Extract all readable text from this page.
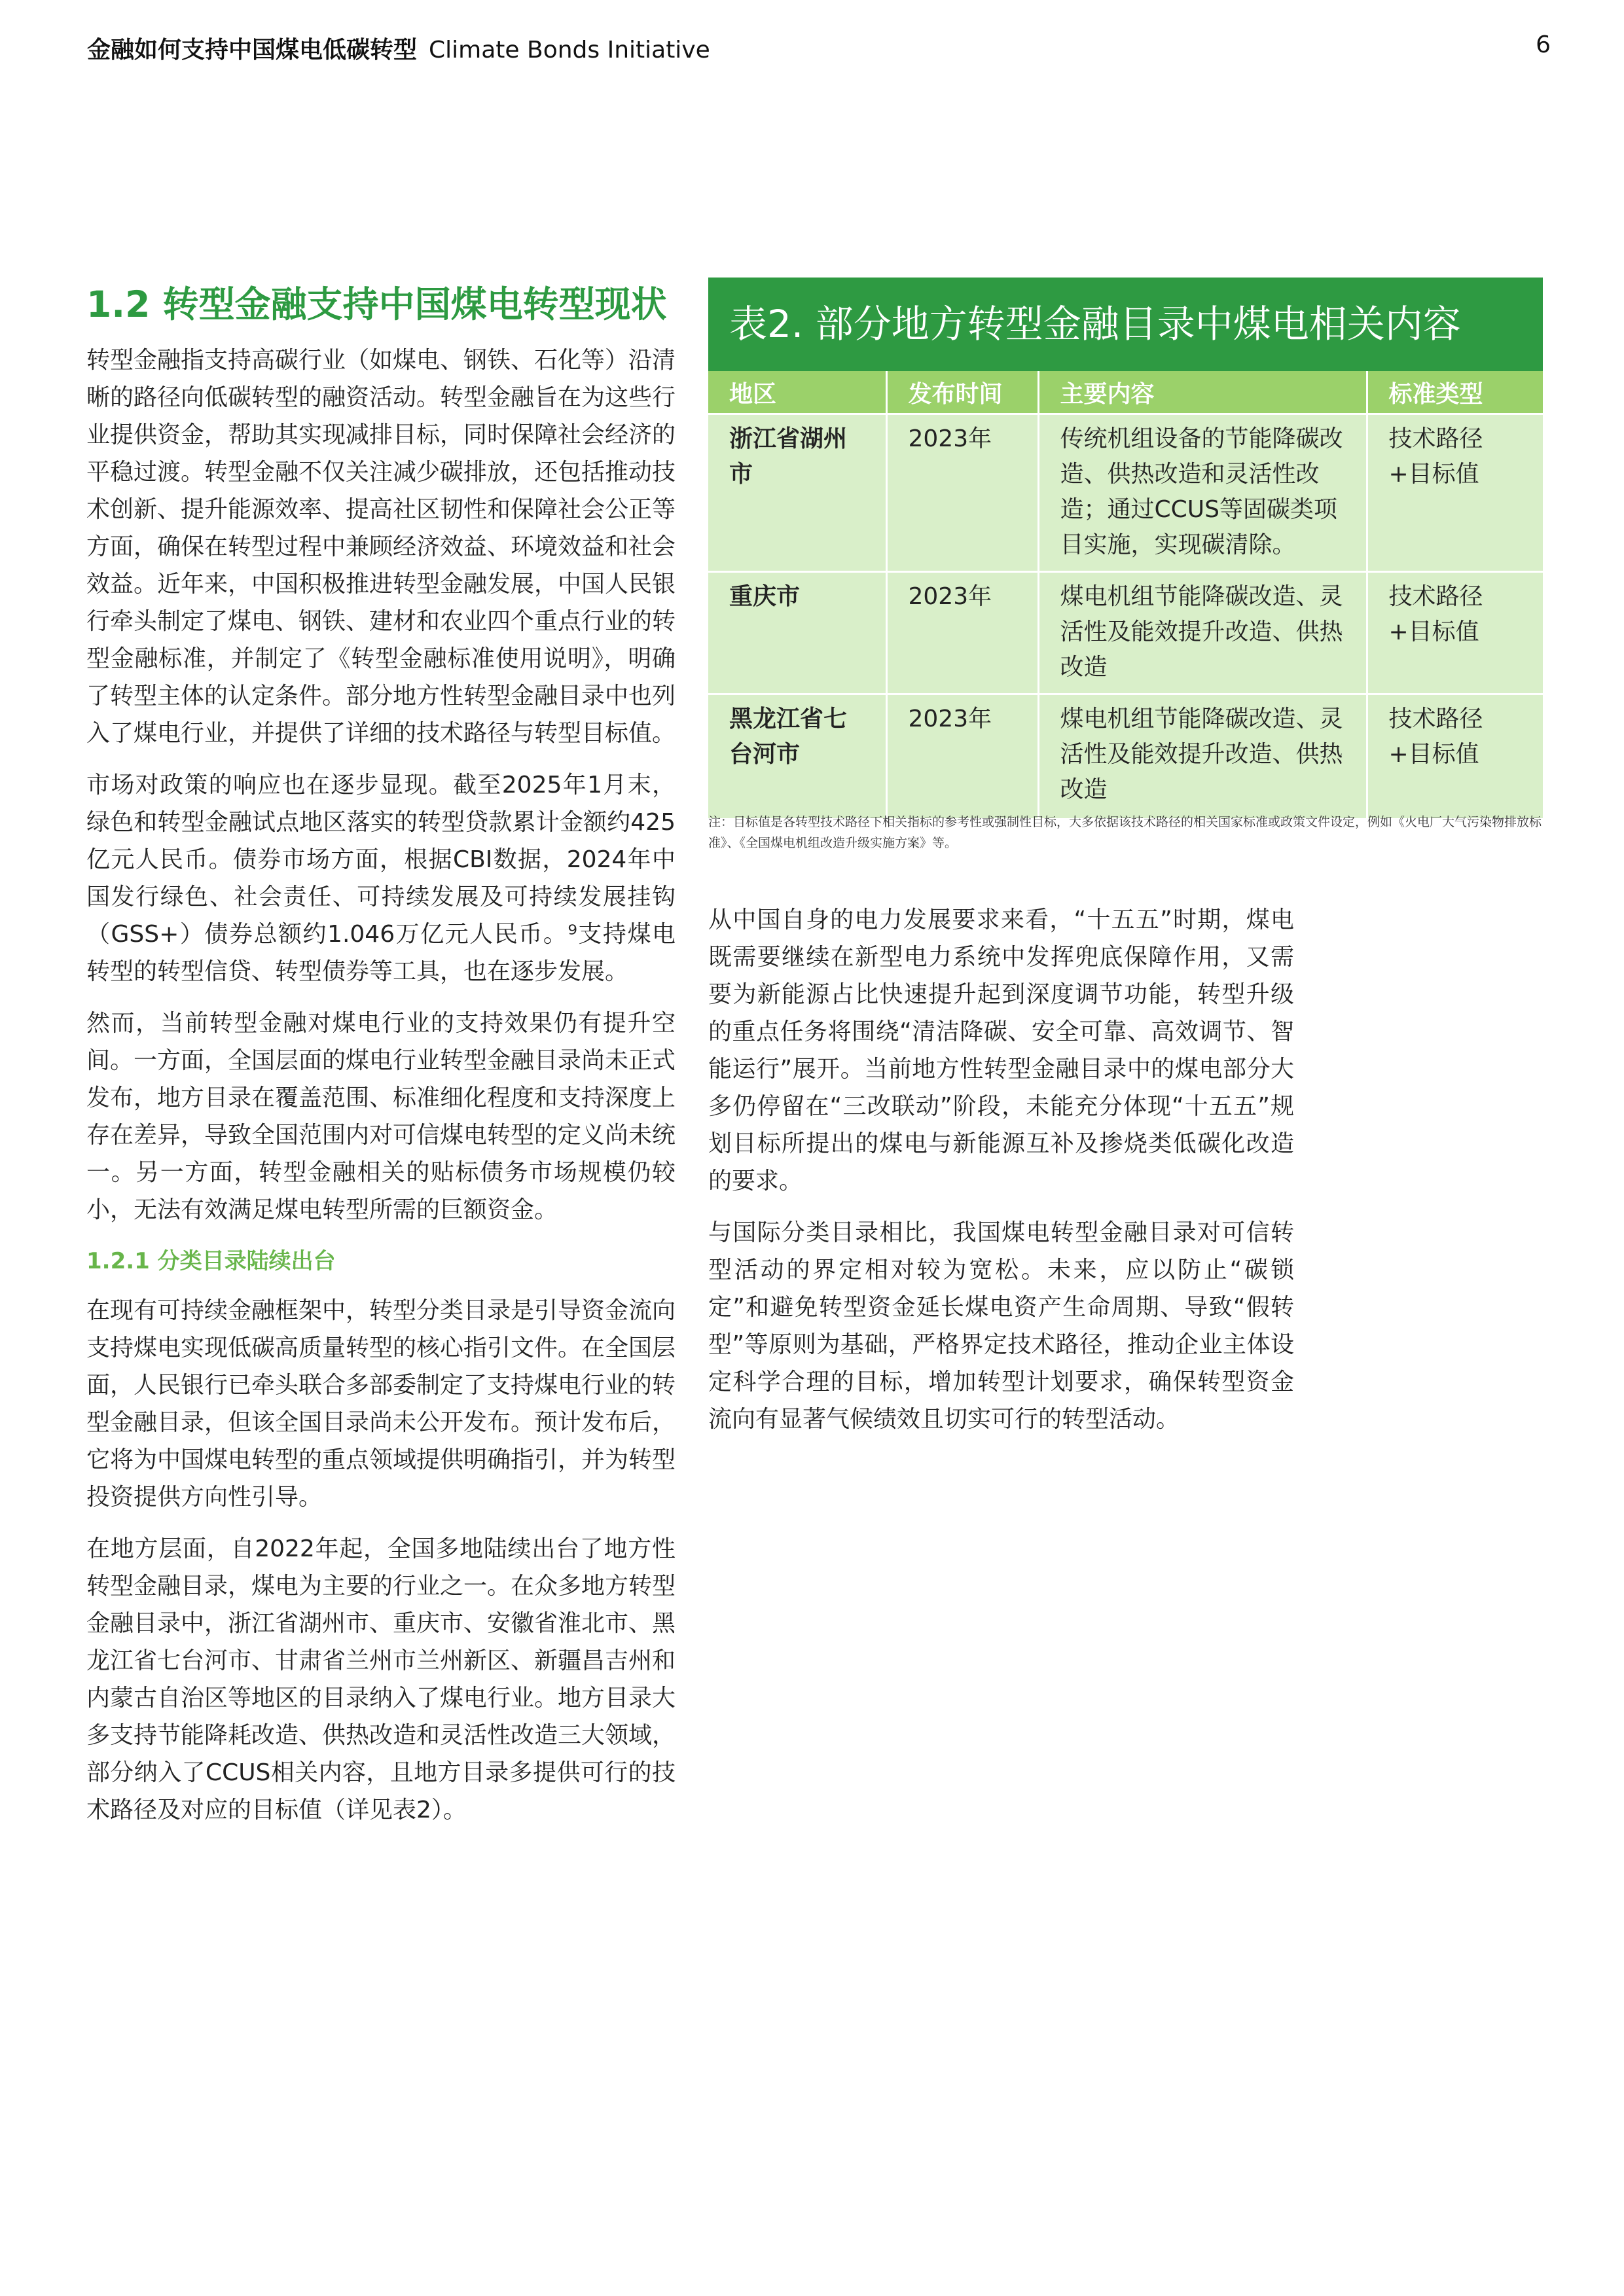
金融如何支持中国煤电低碳转型 Climate Bonds Initiative	6
1.2 转型金融支持中国煤电转型现状

转型金融指支持高碳行业（如煤电、钢铁、石化等）沿清晰的路径向低碳转型的融资活动。转型金融旨在为这些行业提供资金，帮助其实现减排目标，同时保障社会经济的平稳过渡。转型金融不仅关注减少碳排放，还包括推动技术创新、提升能源效率、提高社区韧性和保障社会公正等方面，确保在转型过程中兼顾经济效益、环境效益和社会效益。近年来，中国积极推进转型金融发展，中国人民银行牵头制定了煤电、钢铁、建材和农业四个重点行业的转型金融标准，并制定了《转型金融标准使用说明》，明确了转型主体的认定条件。部分地方性转型金融目录中也列入了煤电行业，并提供了详细的技术路径与转型目标值。

市场对政策的响应也在逐步显现。截至2025年1月末，绿色和转型金融试点地区落实的转型贷款累计金额约425亿元人民币。债券市场方面，根据CBI数据，2024年中国发行绿色、社会责任、可持续发展及可持续发展挂钩（GSS+）债券总额约1.046万亿元人民币。⁹支持煤电转型的转型信贷、转型债券等工具，也在逐步发展。

然而，当前转型金融对煤电行业的支持效果仍有提升空间。一方面，全国层面的煤电行业转型金融目录尚未正式发布，地方目录在覆盖范围、标准细化程度和支持深度上存在差异，导致全国范围内对可信煤电转型的定义尚未统一。另一方面，转型金融相关的贴标债务市场规模仍较小，无法有效满足煤电转型所需的巨额资金。

1.2.1 分类目录陆续出台

在现有可持续金融框架中，转型分类目录是引导资金流向支持煤电实现低碳高质量转型的核心指引文件。在全国层面，人民银行已牵头联合多部委制定了支持煤电行业的转型金融目录，但该全国目录尚未公开发布。预计发布后，它将为中国煤电转型的重点领域提供明确指引，并为转型投资提供方向性引导。

在地方层面，自2022年起，全国多地陆续出台了地方性转型金融目录，煤电为主要的行业之一。在众多地方转型金融目录中，浙江省湖州市、重庆市、安徽省淮北市、黑龙江省七台河市、甘肃省兰州市兰州新区、新疆昌吉州和内蒙古自治区等地区的目录纳入了煤电行业。地方目录大多支持节能降耗改造、供热改造和灵活性改造三大领域，部分纳入了CCUS相关内容，且地方目录多提供可行的技术路径及对应的目标值（详见表2）。

表2. 部分地方转型金融目录中煤电相关内容
地区	发布时间	主要内容	标准类型
浙江省湖州市	2023年	传统机组设备的节能降碳改造、供热改造和灵活性改造；通过CCUS等固碳类项目实施，实现碳清除。	技术路径+目标值
重庆市	2023年	煤电机组节能降碳改造、灵活性及能效提升改造、供热改造	技术路径+目标值
黑龙江省七台河市	2023年	煤电机组节能降碳改造、灵活性及能效提升改造、供热改造	技术路径+目标值
注：目标值是各转型技术路径下相关指标的参考性或强制性目标，大多依据该技术路径的相关国家标准或政策文件设定，例如《火电厂大气污染物排放标准》、《全国煤电机组改造升级实施方案》等。

从中国自身的电力发展要求来看，“十五五”时期，煤电既需要继续在新型电力系统中发挥兜底保障作用，又需要为新能源占比快速提升起到深度调节功能，转型升级的重点任务将围绕“清洁降碳、安全可靠、高效调节、智能运行”展开。当前地方性转型金融目录中的煤电部分大多仍停留在“三改联动”阶段，未能充分体现“十五五”规划目标所提出的煤电与新能源互补及掺烧类低碳化改造的要求。

与国际分类目录相比，我国煤电转型金融目录对可信转型活动的界定相对较为宽松。未来，应以防止“碳锁定”和避免转型资金延长煤电资产生命周期、导致“假转型”等原则为基础，严格界定技术路径，推动企业主体设定科学合理的目标，增加转型计划要求，确保转型资金流向有显著气候绩效且切实可行的转型活动。
